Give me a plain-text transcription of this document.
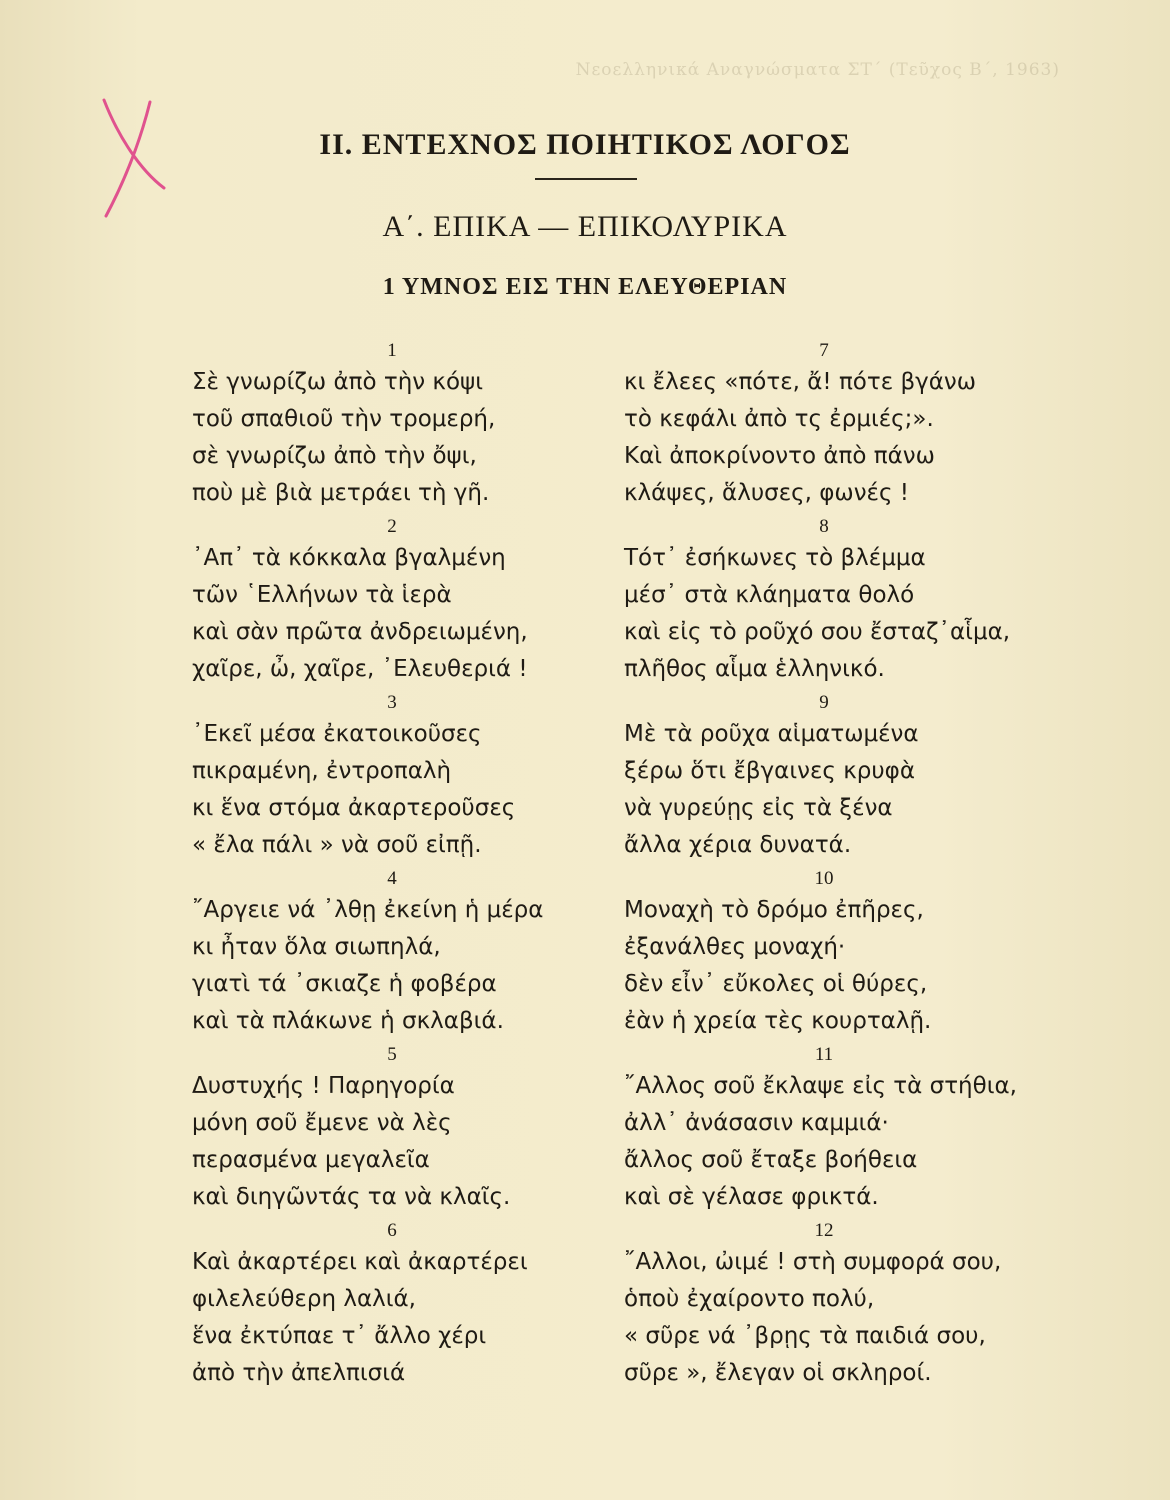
Νεοελληνικά Αναγνώσματα ΣΤ΄ (Τεῦχος Β΄, 1963)
II. ΕΝΤΕΧΝΟΣ ΠΟΙΗΤΙΚΟΣ ΛΟΓΟΣ
Α΄. ΕΠΙΚΑ — ΕΠΙΚΟΛΥΡΙΚΑ
1 ΥΜΝΟΣ ΕΙΣ ΤΗΝ ΕΛΕΥΘΕΡΙΑΝ
1
Σὲ γνωρίζω ἀπὸ τὴν κόψι
τοῦ σπαθιοῦ τὴν τρομερή,
σὲ γνωρίζω ἀπὸ τὴν ὄψι,
ποὺ μὲ βιὰ μετράει τὴ γῆ.
2
᾿Απ᾿ τὰ κόκκαλα βγαλμένη
τῶν ῾Ελλήνων τὰ ἱερὰ
καὶ σὰν πρῶτα ἀνδρειωμένη,
χαῖρε, ὦ, χαῖρε, ᾿Ελευθεριά !
3
᾿Εκεῖ μέσα ἐκατοικοῦσες
πικραμένη, ἐντροπαλὴ
κι ἕνα στόμα ἀκαρτεροῦσες
« ἔλα πάλι » νὰ σοῦ εἰπῇ.
4
῎Αργειε νά ᾿λθῃ ἐκείνη ἡ μέρα
κι ἦταν ὅλα σιωπηλά,
γιατὶ τά ᾿σκιαζε ἡ φοβέρα
καὶ τὰ πλάκωνε ἡ σκλαβιά.
5
Δυστυχής ! Παρηγορία
μόνη σοῦ ἔμενε νὰ λὲς
περασμένα μεγαλεῖα
καὶ διηγῶντάς τα νὰ κλαῖς.
6
Καὶ ἀκαρτέρει καὶ ἀκαρτέρει
φιλελεύθερη λαλιά,
ἕνα ἐκτύπαε τ᾿ ἄλλο χέρι
ἀπὸ τὴν ἀπελπισιά
7
κι ἔλεες «πότε, ἄ! πότε βγάνω
τὸ κεφάλι ἀπὸ τς ἐρμιές;».
Καὶ ἀποκρίνοντο ἀπὸ πάνω
κλάψες, ἅλυσες, φωνές !
8
Τότ᾿ ἐσήκωνες τὸ βλέμμα
μέσ᾿ στὰ κλάηματα θολό
καὶ εἰς τὸ ροῦχό σου ἔσταζ᾿αἷμα,
πλῆθος αἷμα ἑλληνικό.
9
Μὲ τὰ ροῦχα αἱματωμένα
ξέρω ὅτι ἔβγαινες κρυφὰ
νὰ γυρεύῃς εἰς τὰ ξένα
ἄλλα χέρια δυνατά.
10
Μοναχὴ τὸ δρόμο ἐπῆρες,
ἐξανάλθες μοναχή·
δὲν εἶν᾿ εὔκολες οἱ θύρες,
ἐὰν ἡ χρεία τὲς κουρταλῇ.
11
῎Αλλος σοῦ ἔκλαψε εἰς τὰ στήθια,
ἀλλ᾿ ἀνάσασιν καμμιά·
ἄλλος σοῦ ἔταξε βοήθεια
καὶ σὲ γέλασε φρικτά.
12
῎Αλλοι, ὠιμέ ! στὴ συμφορά σου,
ὁποὺ ἐχαίροντο πολύ,
« σῦρε νά ᾿βρῃς τὰ παιδιά σου,
σῦρε », ἔλεγαν οἱ σκληροί.
